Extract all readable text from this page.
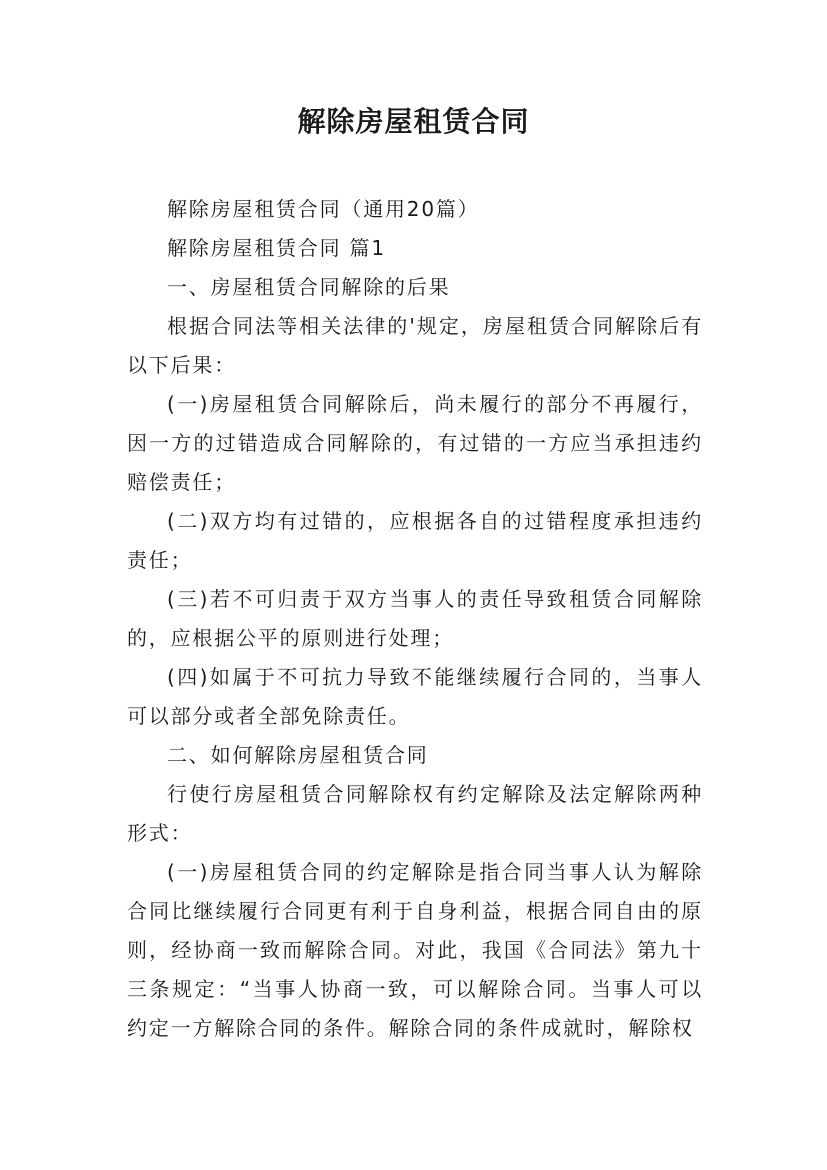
解除房屋租赁合同

解除房屋租赁合同（通用20篇）

解除房屋租赁合同 篇1

一、房屋租赁合同解除的后果

根据合同法等相关法律的'规定，房屋租赁合同解除后有以下后果：

(一)房屋租赁合同解除后，尚未履行的部分不再履行，因一方的过错造成合同解除的，有过错的一方应当承担违约赔偿责任；

(二)双方均有过错的，应根据各自的过错程度承担违约责任；

(三)若不可归责于双方当事人的责任导致租赁合同解除的，应根据公平的原则进行处理；

(四)如属于不可抗力导致不能继续履行合同的，当事人可以部分或者全部免除责任。

二、如何解除房屋租赁合同

行使行房屋租赁合同解除权有约定解除及法定解除两种形式：

(一)房屋租赁合同的约定解除是指合同当事人认为解除合同比继续履行合同更有利于自身利益，根据合同自由的原则，经协商一致而解除合同。对此，我国《合同法》第九十三条规定：“当事人协商一致，可以解除合同。当事人可以约定一方解除合同的条件。解除合同的条件成就时，解除权
